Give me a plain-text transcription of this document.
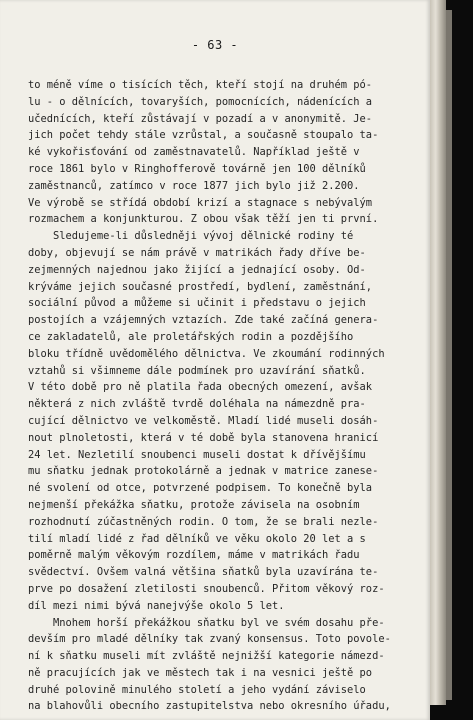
- 63 -
to méně víme o tisících těch, kteří stojí na druhém pó-
lu - o dělnících, tovaryších, pomocnících, nádenících a
učednících, kteří zůstávají v pozadí a v anonymitě. Je-
jich počet tehdy stále vzrůstal, a současně stoupalo ta-
ké vykořisťování od zaměstnavatelů. Například ještě v
roce 1861 bylo v Ringhofferově továrně jen 100 dělníků
zaměstnanců, zatímco v roce 1877 jich bylo již 2.200.
Ve výrobě se střídá období krizí a stagnace s nebývalým
rozmachem a konjunkturou. Z obou však těží jen ti první.
Sledujeme-li důsledněji vývoj dělnické rodiny té
doby, objevují se nám právě v matrikách řady dříve be-
zejmenných najednou jako žijící a jednající osoby. Od-
krýváme jejich současné prostředí, bydlení, zaměstnání,
sociální původ a můžeme si učinit i představu o jejich
postojích a vzájemných vztazích. Zde také začíná genera-
ce zakladatelů, ale proletářských rodin a pozdějšího
bloku třídně uvědomělého dělnictva. Ve zkoumání rodinných
vztahů si všimneme dále podmínek pro uzavírání sňatků.
V této době pro ně platila řada obecných omezení, avšak
některá z nich zvláště tvrdě doléhala na námezdně pra-
cující dělnictvo ve velkoměstě. Mladí lidé museli dosáh-
nout plnoletosti, která v té době byla stanovena hranicí
24 let. Nezletilí snoubenci museli dostat k dřívějšímu
mu sňatku jednak protokolárně a jednak v matrice zanese-
né svolení od otce, potvrzené podpisem. To konečně byla
nejmenší překážka sňatku, protože závisela na osobním
rozhodnutí zúčastněných rodin. O tom, že se brali nezle-
tilí mladí lidé z řad dělníků ve věku okolo 20 let a s
poměrně malým věkovým rozdílem, máme v matrikách řadu
svědectví. Ovšem valná většina sňatků byla uzavírána te-
prve po dosažení zletilosti snoubenců. Přitom věkový roz-
díl mezi nimi bývá nanejvýše okolo 5 let.
Mnohem horší překážkou sňatku byl ve svém dosahu pře-
devším pro mladé dělníky tak zvaný konsensus. Toto povole-
ní k sňatku museli mít zvláště nejnižší kategorie námezd-
ně pracujících jak ve městech tak i na vesnici ještě po
druhé polovině minulého století a jeho vydání záviselo
na blahovůli obecního zastupitelstva nebo okresního úřadu,
